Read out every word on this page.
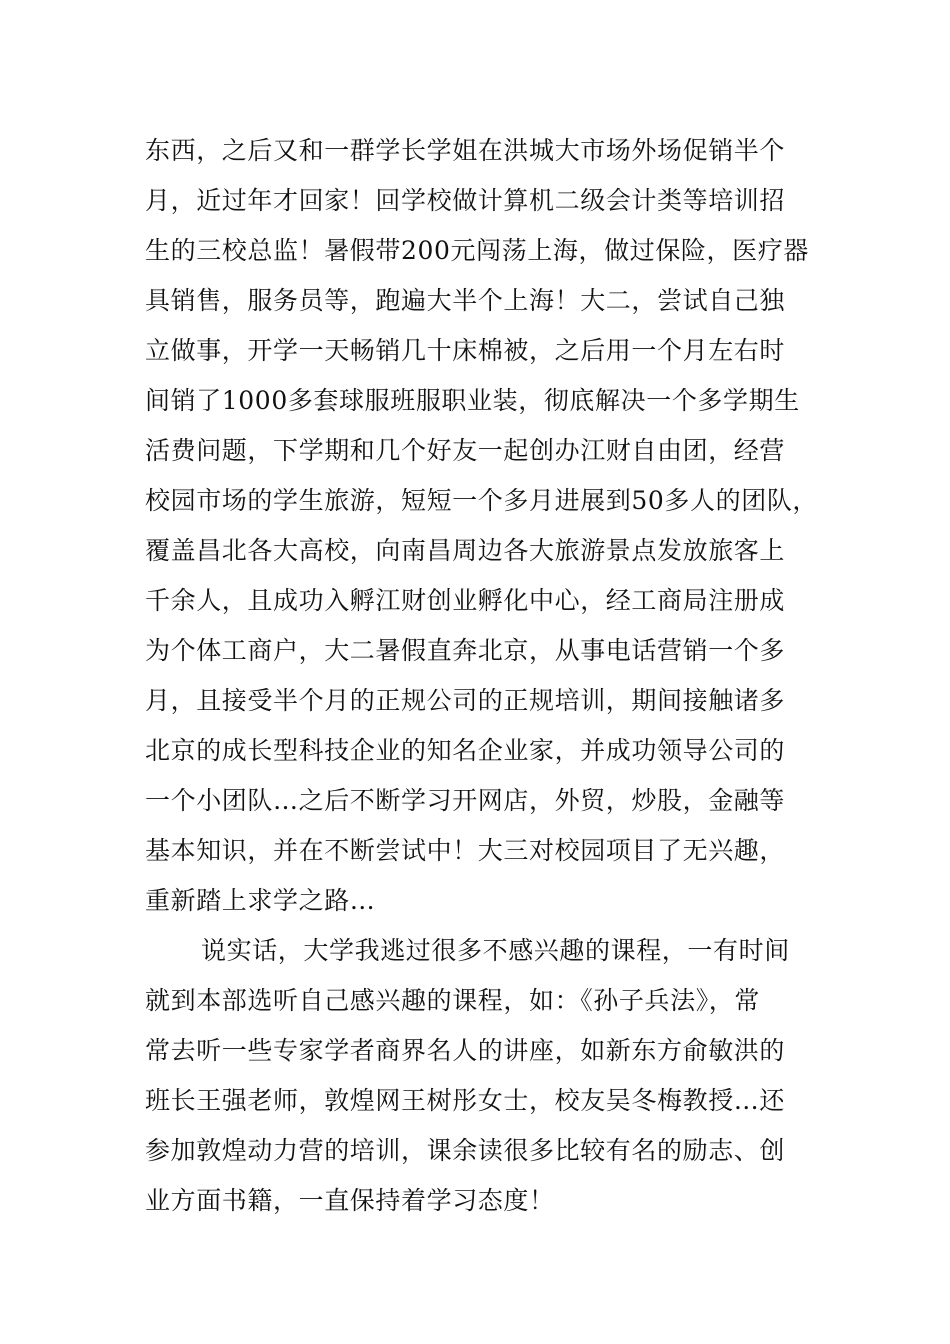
东西，之后又和一群学长学姐在洪城大市场外场促销半个
月，近过年才回家！回学校做计算机二级会计类等培训招
生的三校总监！暑假带200元闯荡上海，做过保险，医疗器
具销售，服务员等，跑遍大半个上海！大二，尝试自己独
立做事，开学一天畅销几十床棉被，之后用一个月左右时
间销了1000多套球服班服职业装，彻底解决一个多学期生
活费问题，下学期和几个好友一起创办江财自由团，经营
校园市场的学生旅游，短短一个多月进展到50多人的团队，
覆盖昌北各大高校，向南昌周边各大旅游景点发放旅客上
千余人，且成功入孵江财创业孵化中心，经工商局注册成
为个体工商户，大二暑假直奔北京，从事电话营销一个多
月，且接受半个月的正规公司的正规培训，期间接触诸多
北京的成长型科技企业的知名企业家，并成功领导公司的
一个小团队…之后不断学习开网店，外贸，炒股，金融等
基本知识，并在不断尝试中！大三对校园项目了无兴趣，
重新踏上求学之路…
说实话，大学我逃过很多不感兴趣的课程，一有时间
就到本部选听自己感兴趣的课程，如：《孙子兵法》，常
常去听一些专家学者商界名人的讲座，如新东方俞敏洪的
班长王强老师，敦煌网王树彤女士，校友吴冬梅教授…还
参加敦煌动力营的培训，课余读很多比较有名的励志、创
业方面书籍，一直保持着学习态度！
